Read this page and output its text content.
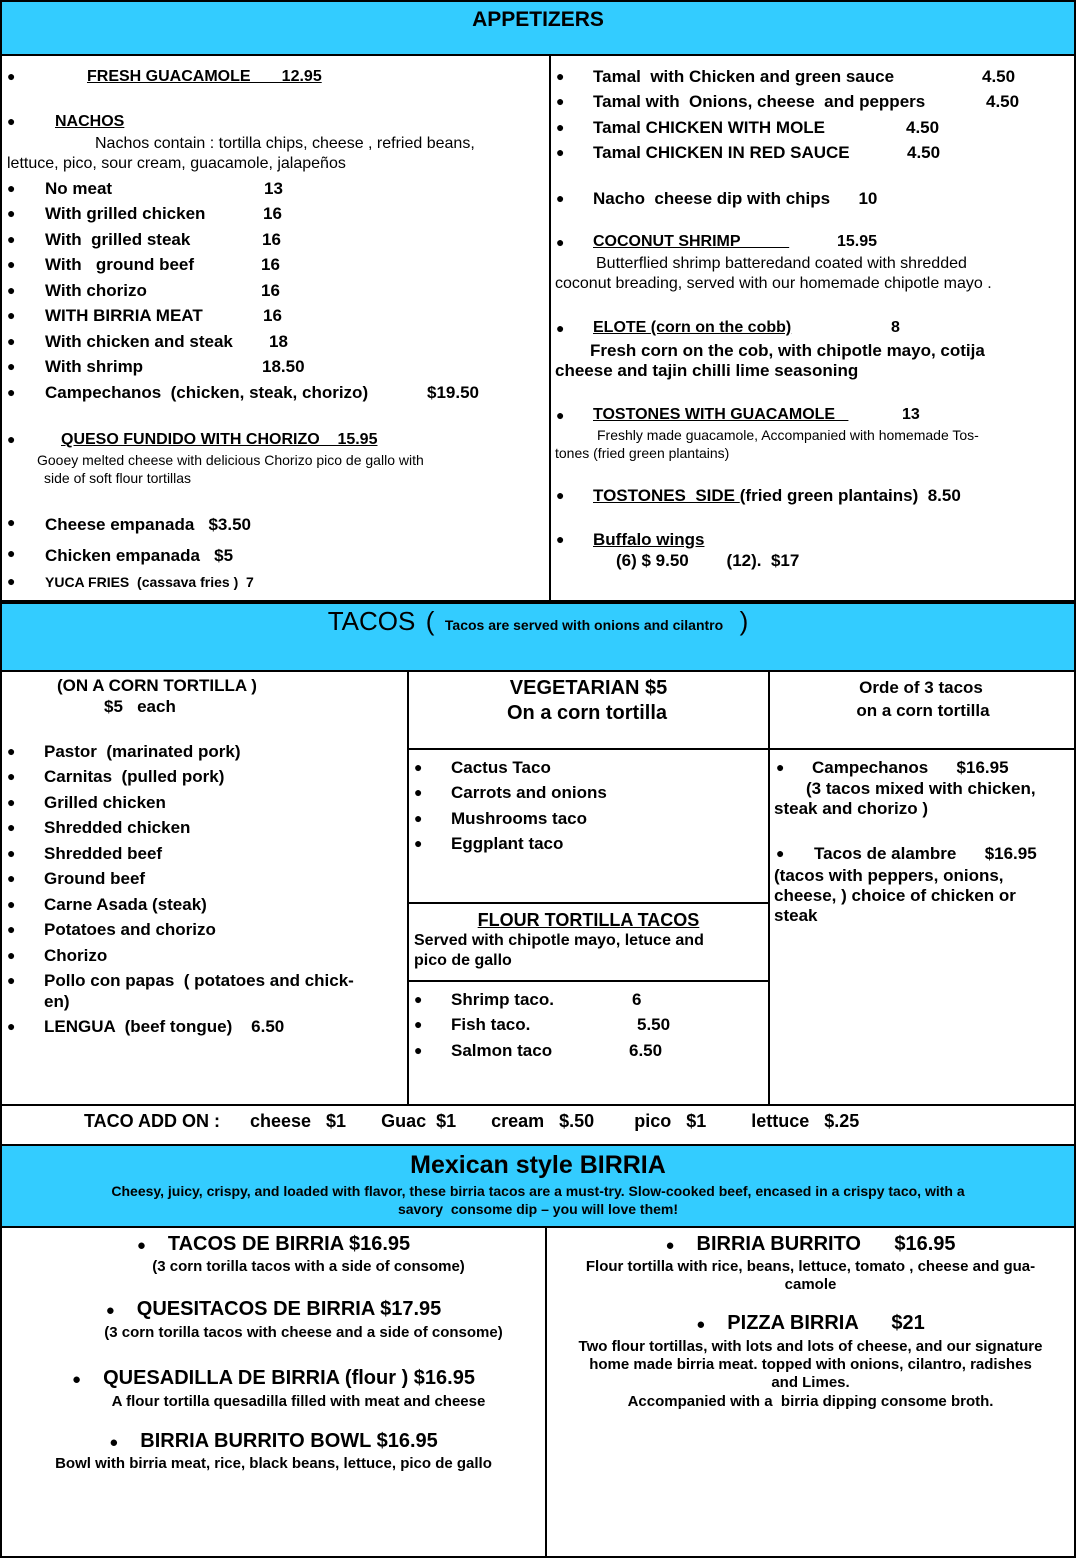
APPETIZERS
●	FRESH GUACAMOLE       12.95
● NACHOS
Nachos contain : tortilla chips, cheese , refried beans,
lettuce, pico, sour cream, guacamole, jalapeños
● No meat	13
● With grilled chicken	16
● With  grilled steak	16
● With   ground beef	16
● With chorizo	16
● WITH BIRRIA MEAT	16
● With chicken and steak 18
● With shrimp	18.50
● Campechanos  (chicken, steak, chorizo)	$19.50
●	QUESO FUNDIDO WITH CHORIZO    15.95
Gooey melted cheese with delicious Chorizo pico de gallo with
side of soft flour tortillas
● Cheese empanada   $3.50
● Chicken empanada   $5
● YUCA FRIES  (cassava fries )  7
● Tamal  with Chicken and green sauce	4.50
● Tamal with  Onions, cheese  and peppers	4.50
● Tamal CHICKEN WITH MOLE	4.50
● Tamal CHICKEN IN RED SAUCE	4.50
● Nacho  cheese dip with chips      10
● COCONUT SHRIMP	15.95
Butterflied shrimp batteredand coated with shredded
coconut breading, served with our homemade chipotle mayo .
● ELOTE (corn on the cobb)	8
Fresh corn on the cob, with chipotle mayo, cotija
cheese and tajin chilli lime seasoning
● TOSTONES WITH GUACAMOLE	13
Freshly made guacamole, Accompanied with homemade Tos-
tones (fried green plantains)
● TOSTONES  SIDE (fried green plantains)  8.50
● Buffalo wings
(6) $ 9.50        (12).  $17
TACOS ( Tacos are served with onions and cilantro )
(ON A CORN TORTILLA )
$5   each
● Pastor  (marinated pork)
● Carnitas  (pulled pork)
● Grilled chicken
● Shredded chicken
● Shredded beef
● Ground beef
● Carne Asada (steak)
● Potatoes and chorizo
● Chorizo
● Pollo con papas  ( potatoes and chick-
en)
● LENGUA  (beef tongue)    6.50
VEGETARIAN $5
On a corn tortilla
● Cactus Taco
● Carrots and onions
● Mushrooms taco
● Eggplant taco
FLOUR TORTILLA TACOS
Served with chipotle mayo, letuce and
pico de gallo
● Shrimp taco.	6
● Fish taco.	5.50
● Salmon taco	6.50
Orde of 3 tacos
on a corn tortilla
● Campechanos      $16.95
(3 tacos mixed with chicken,
steak and chorizo )
● Tacos de alambre      $16.95
(tacos with peppers, onions,
cheese, ) choice of chicken or
steak
TACO ADD ON :      cheese   $1       Guac  $1       cream   $.50        pico   $1         lettuce   $.25
Mexican style BIRRIA
Cheesy, juicy, crispy, and loaded with flavor, these birria tacos are a must-try. Slow-cooked beef, encased in a crispy taco, with a
savory  consome dip – you will love them!
● TACOS DE BIRRIA $16.95
(3 corn torilla tacos with a side of consome)
● QUESITACOS DE BIRRIA $17.95
(3 corn torilla tacos with cheese and a side of consome)
● QUESADILLA DE BIRRIA (flour ) $16.95
A flour tortilla quesadilla filled with meat and cheese
● BIRRIA BURRITO BOWL $16.95
Bowl with birria meat, rice, black beans, lettuce, pico de gallo
● BIRRIA BURRITO      $16.95
Flour tortilla with rice, beans, lettuce, tomato , cheese and gua-
camole
● PIZZA BIRRIA      $21
Two flour tortillas, with lots and lots of cheese, and our signature
home made birria meat. topped with onions, cilantro, radishes
and Limes.
Accompanied with a  birria dipping consome broth.
